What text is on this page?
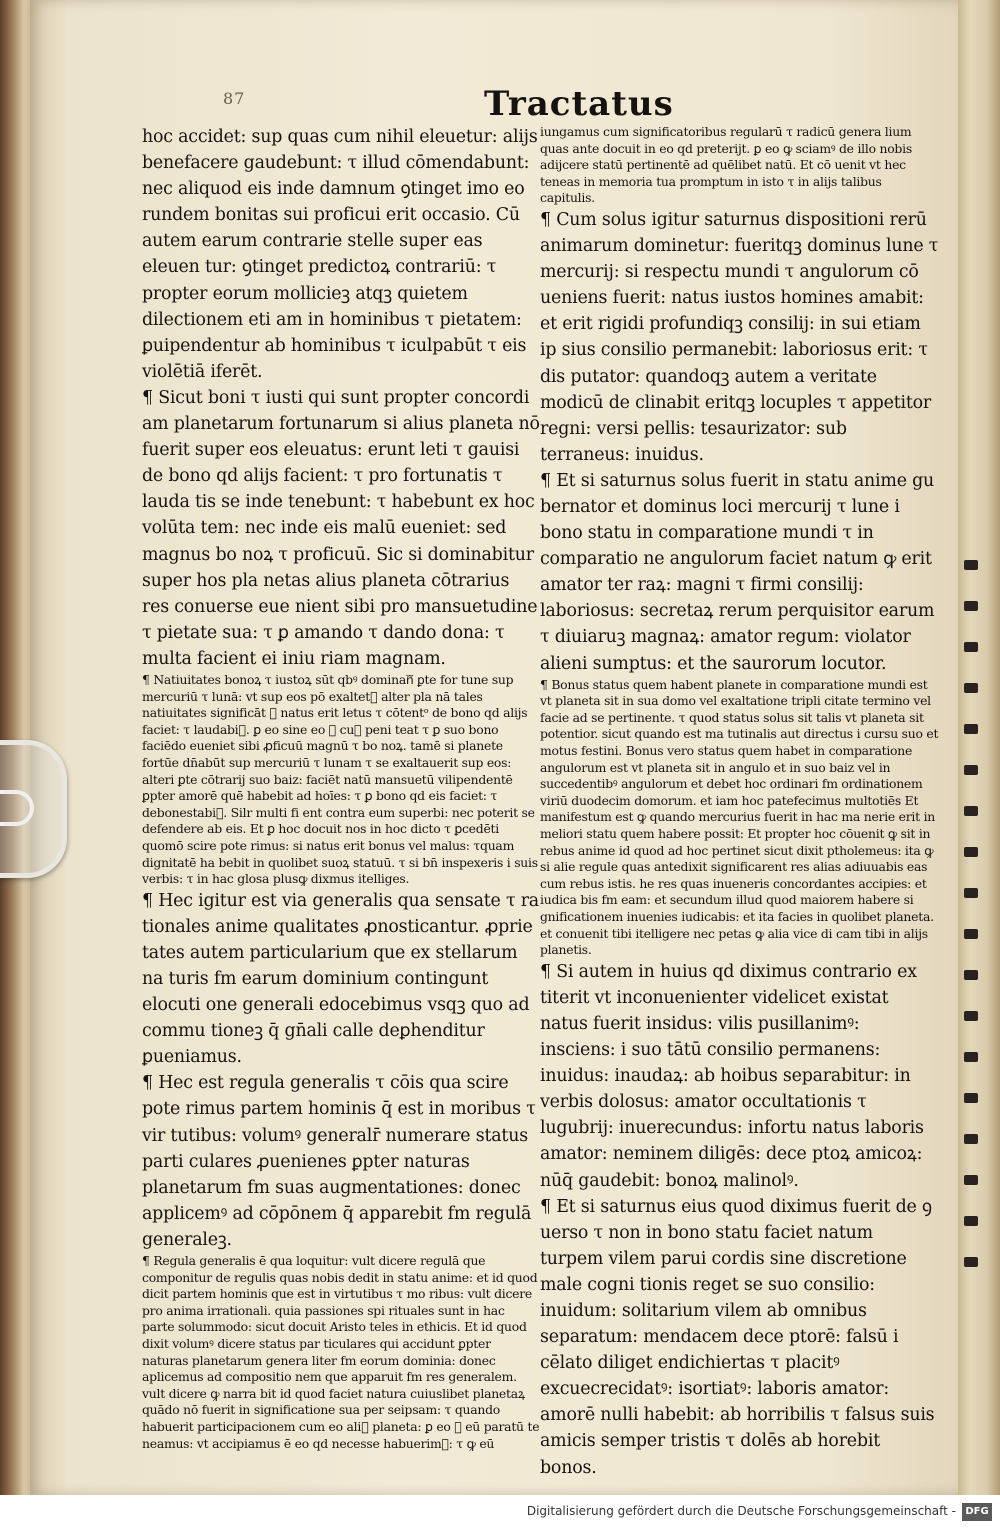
87	Tractatus

hoc accidet: sup quas cum nihil eleuetur: alijs benefacere gaudebunt: τ illud cōmendabunt: nec aliquod eis inde damnum ꝯtinget imo eo rundem bonitas sui proficui erit occasio. Cū autem earum contrarie stelle super eas eleuen tur: ꝯtinget predictoꝝ contrariū: τ propter eorum mollicieꝫ atqꝫ quietem dilectionem eti am in hominibus τ pietatem: ꝑuipendentur ab hominibus τ iculpabūt τ eis violētiā iferēt.

¶ Sicut boni τ iusti qui sunt propter concordi am planetarum fortunarum si alius planeta nō fuerit super eos eleuatus: erunt leti τ gauisi de bono qd alijs facient: τ pro fortunatis τ lauda tis se inde tenebunt: τ habebunt ex hoc volūta tem: nec inde eis malū eueniet: sed magnus bo noꝝ τ proficuū. Sic si dominabitur super hos pla netas alius planeta cōtrarius res conuerse eue nient sibi pro mansuetudine τ pietate sua: τ ꝑ amando τ dando dona: τ multa facient ei iniu riam magnam.

¶ Natiuitates bonoꝝ τ iustoꝝ sūt qbꝰ dominanᷓ ꝑte for tune sup mercuriū τ lunā: vt sup eos pō exaltetᷓ alter pla nā tales natiuitates significāt ꝙ natus erit letus τ cōtentᵒ de bono qd alijs faciet: τ laudabiᷓ. ꝑ eo sine eo ꝙ cuꝫ peni teat τ ꝑ suo bono faciēdo eueniet sibi ꝓficuū magnū τ bo noꝝ. tamē si planete fortūe dn̄abūt sup mercuriū τ lunam τ se exaltauerit sup eos: alteri ꝑte cōtrarij suo baiz: faciēt natū mansuetū vilipendentē ꝑpter amorē quē habebit ad hoīes: τ ꝑ bono qd eis faciet: τ debonestabiᷓ. Silr multi fi ent contra eum superbi: nec poterit se defendere ab eis. Et ꝑ hoc docuit nos in hoc dicto τ ꝑcedēti quomō scire pote rimus: si natus erit bonus vel malus: τquam dignitatē ha bebit in quolibet suoꝝ statuū. τ si bn̄ inspexeris i suis verbis: τ in hac glosa plusꝙ dixmus itelliges.

¶ Hec igitur est via generalis qua sensate τ ra tionales anime qualitates ꝓnosticantur. ꝓprie tates autem particularium que ex stellarum na turis fm earum dominium contingunt elocuti one generali edocebimus vsqꝫ quo ad commu tioneꝫ q̄ gn̄ali calle deꝑhenditur ꝑueniamus.

¶ Hec est regula generalis τ cōis qua scire pote rimus partem hominis q̄ est in moribus τ vir tutibus: volumꝰ generalr̄ numerare status parti culares ꝓuenienes ꝑpter naturas planetarum fm suas augmentationes: donec applicemꝰ ad cōpōnem q̄ apparebit fm regulā generaleꝫ.

¶ Regula generalis ē qua loquitur: vult dicere regulā que componitur de regulis quas nobis dedit in statu anime: et id quod dicit partem hominis que est in virtutibus τ mo ribus: vult dicere pro anima irrationali. quia passiones spi rituales sunt in hac parte solummodo: sicut docuit Aristo teles in ethicis. Et id quod dixit volumꝰ dicere status par ticulares qui accidunt ꝑpter naturas planetarum genera liter fm eorum dominia: donec aplicemus ad compositio nem que apparuit fm res generalem. vult dicere ꝙ narra bit id quod faciet natura cuiuslibet planetaꝝ quādo nō fuerit in significatione sua per seipsam: τ quando habuerit participacionem cum eo aliᷓ planeta: ꝑ eo ꝙ eū paratū te neamus: vt accipiamus ē eo qd necesse habuerimꝰ: τ ꝙ eū

iungamus cum significatoribus regularū τ radicū genera lium quas ante docuit in eo qd preterijt. ꝑ eo ꝙ sciamꝰ de illo nobis adijcere statū pertinentē ad quēlibet natū. Et cō uenit vt hec teneas in memoria tua promptum in isto τ in alijs talibus capitulis.

¶ Cum solus igitur saturnus dispositioni rerū animarum dominetur: fueritqꝫ dominus lune τ mercurij: si respectu mundi τ angulorum cō ueniens fuerit: natus iustos homines amabit: et erit rigidi profundiqꝫ consilij: in sui etiam ip sius consilio permanebit: laboriosus erit: τ dis putator: quandoqꝫ autem a veritate modicū de clinabit eritqꝫ locuples τ appetitor regni: versi pellis: tesaurizator: sub terraneus: inuidus.

¶ Et si saturnus solus fuerit in statu anime gu bernator et dominus loci mercurij τ lune i bono statu in comparatione mundi τ in comparatio ne angulorum faciet natum ꝙ erit amator ter raꝝ: magni τ firmi consilij: laboriosus: secretaꝝ rerum perquisitor earum τ diuiaruꝫ magnaꝝ: amator regum: violator alieni sumptus: et the saurorum locutor.

¶ Bonus status quem habent planete in comparatione mundi est vt planeta sit in sua domo vel exaltatione tripli citate termino vel facie ad se pertinente. τ quod status solus sit talis vt planeta sit potentior. sicut quando est ma tutinalis aut directus i cursu suo et motus festini. Bonus vero status quem habet in comparatione angulorum est vt planeta sit in angulo et in suo baiz vel in succedentibꝰ angulorum et debet hoc ordinari fm ordinationem viriū duodecim domorum. et iam hoc patefecimus multotiēs Et manifestum est ꝙ quando mercurius fuerit in hac ma nerie erit in meliori statu quem habere possit: Et propter hoc cōuenit ꝙ sit in rebus anime id quod ad hoc pertinet sicut dixit ptholemeus: ita ꝙ si alie regule quas antedixit significarent res alias adiuuabis eas cum rebus istis. he res quas inueneris concordantes accipies: et iudica bis fm eam: et secundum illud quod maiorem habere si gnificationem inuenies iudicabis: et ita facies in quolibet planeta. et conuenit tibi itelligere nec petas ꝙ alia vice di cam tibi in alijs planetis.

¶ Si autem in huius qd diximus contrario ex titerit vt inconuenienter videlicet existat natus fuerit insidus: vilis pusillanimꝰ: insciens: i suo tātū consilio permanens: inuidus: inaudaꝝ: ab hoibus separabitur: in verbis dolosus: amator occultationis τ lugubrij: inuerecundus: infortu natus laboris amator: neminem diligēs: dece ptoꝝ amicoꝝ: nūq̄ gaudebit: bonoꝝ malinolꝰ.

¶ Et si saturnus eius quod diximus fuerit de ꝯ uerso τ non in bono statu faciet natum turpem vilem parui cordis sine discretione male cogni tionis reget se suo consilio: inuidum: solitarium vilem ab omnibus separatum: mendacem dece ptorē: falsū i cēlato diliget endichiertas τ placitꝰ excuecrecidatꝰ: isortiatꝰ: laboris amator: amorē nulli habebit: ab horribilis τ falsus suis amicis semper tristis τ dolēs ab horebit bonos.

Digitalisierung gefördert durch die Deutsche Forschungsgemeinschaft - DFG
